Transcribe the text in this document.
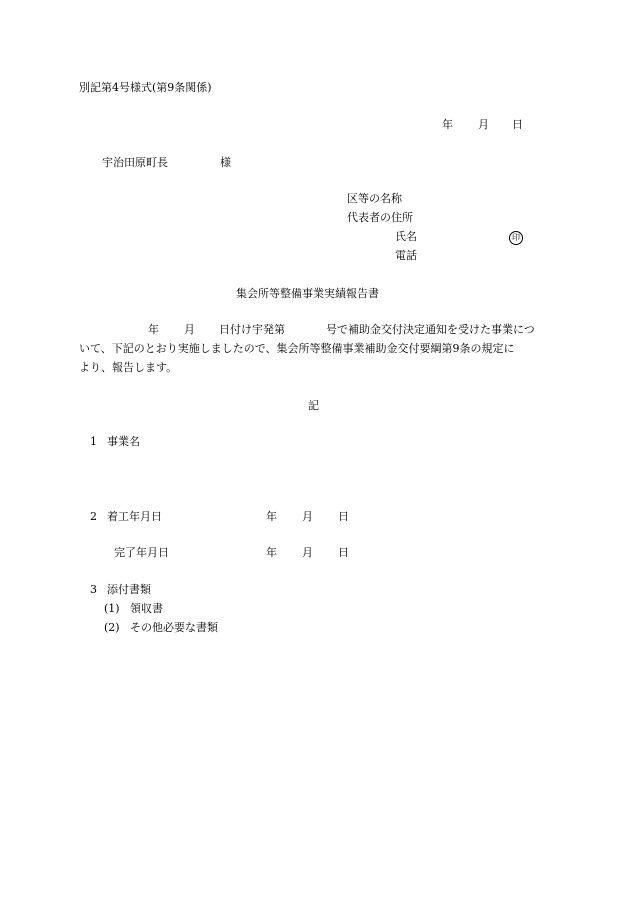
別記第4号様式(第9条関係)
年 月 日
宇治田原町長	様
区等の名称
代表者の住所
氏名	印
電話
集会所等整備事業実績報告書
年 月 日付け宇発第	号で補助金交付決定通知を受けた事業につ
いて、下記のとおり実施しましたので、集会所等整備事業補助金交付要綱第9条の規定に
より、報告します。
記
1 事業名
2 着工年月日	年 月 日
完了年月日	年 月 日
3 添付書類
(1) 領収書
(2) その他必要な書類
